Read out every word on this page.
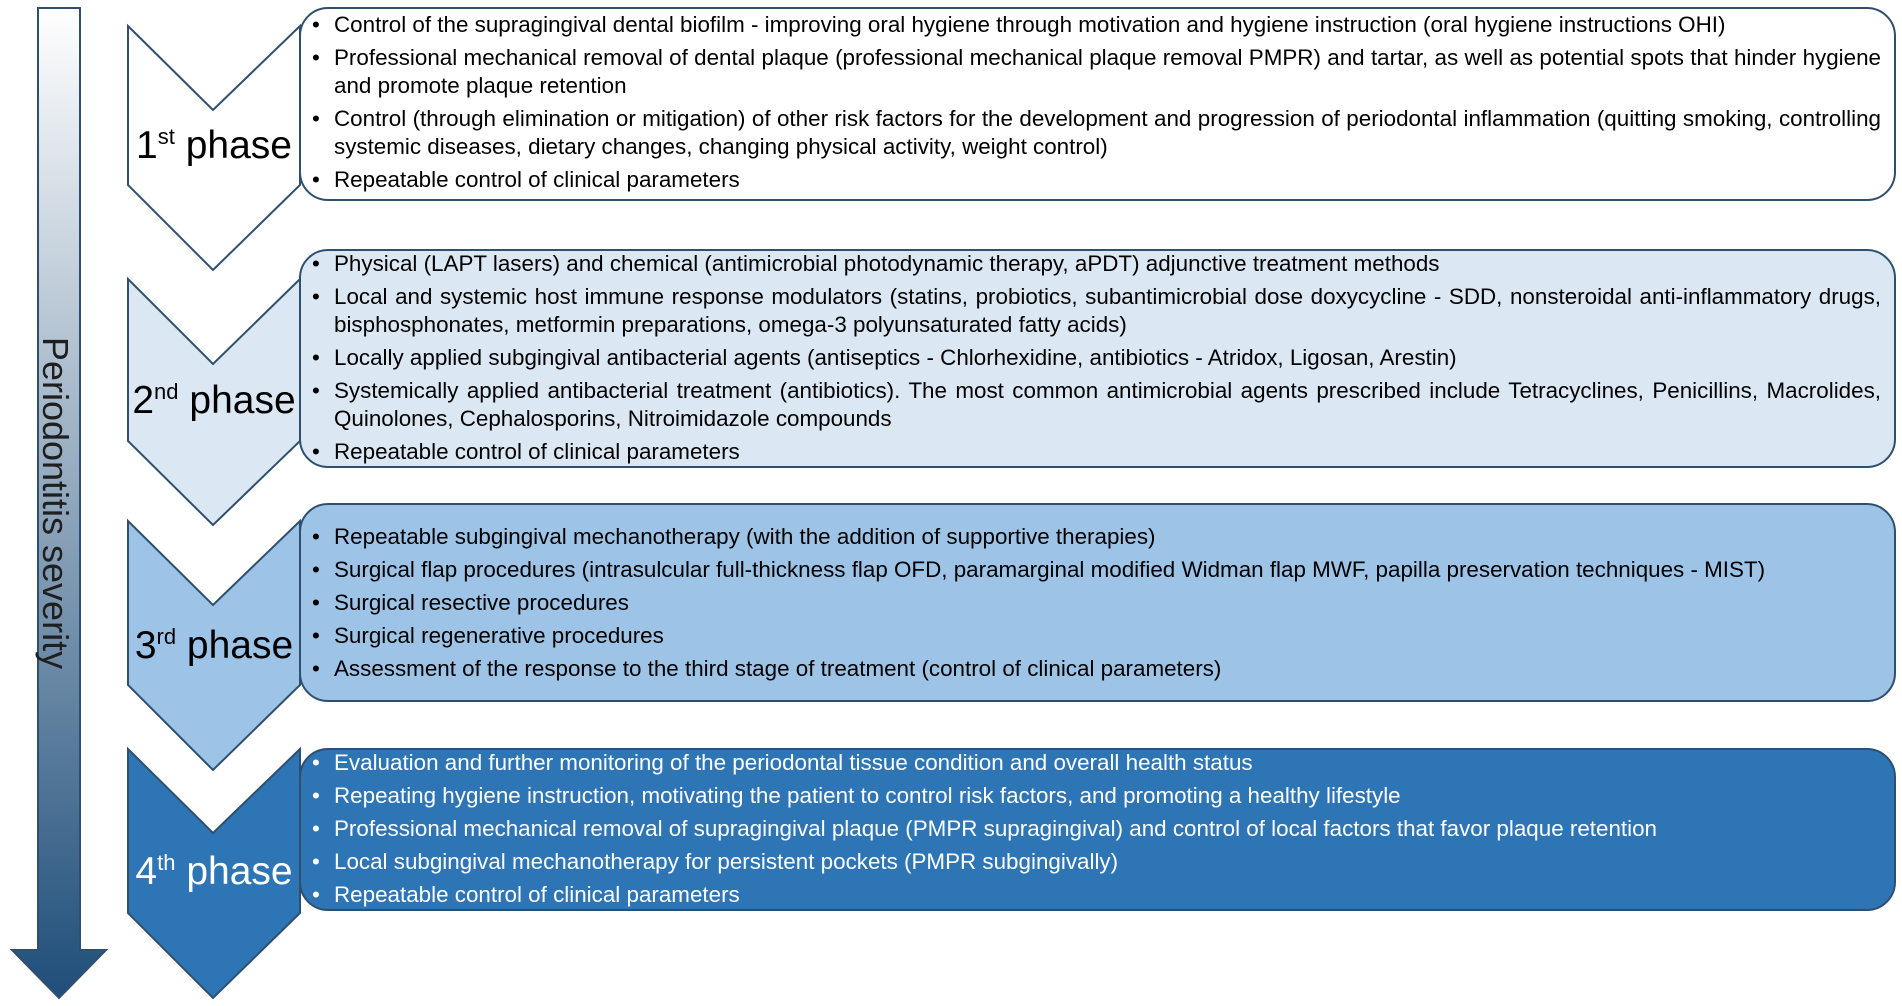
Periodontitis severity
1st phase
• Control of the supragingival dental biofilm - improving oral hygiene through motivation and hygiene instruction (oral hygiene instructions OHI)
• Professional mechanical removal of dental plaque (professional mechanical plaque removal PMPR) and tartar, as well as potential spots that hinder hygiene and promote plaque retention
• Control (through elimination or mitigation) of other risk factors for the development and progression of periodontal inflammation (quitting smoking, controlling systemic diseases, dietary changes, changing physical activity, weight control)
• Repeatable control of clinical parameters
2nd phase
• Physical (LAPT lasers) and chemical (antimicrobial photodynamic therapy, aPDT) adjunctive treatment methods
• Local and systemic host immune response modulators (statins, probiotics, subantimicrobial dose doxycycline - SDD, nonsteroidal anti-inflammatory drugs, bisphosphonates, metformin preparations, omega-3 polyunsaturated fatty acids)
• Locally applied subgingival antibacterial agents (antiseptics - Chlorhexidine, antibiotics - Atridox, Ligosan, Arestin)
• Systemically applied antibacterial treatment (antibiotics). The most common antimicrobial agents prescribed include Tetracyclines, Penicillins, Macrolides, Quinolones, Cephalosporins, Nitroimidazole compounds
• Repeatable control of clinical parameters
3rd phase
• Repeatable subgingival mechanotherapy (with the addition of supportive therapies)
• Surgical flap procedures (intrasulcular full-thickness flap OFD, paramarginal modified Widman flap MWF, papilla preservation techniques - MIST)
• Surgical resective procedures
• Surgical regenerative procedures
• Assessment of the response to the third stage of treatment (control of clinical parameters)
4th phase
• Evaluation and further monitoring of the periodontal tissue condition and overall health status
• Repeating hygiene instruction, motivating the patient to control risk factors, and promoting a healthy lifestyle
• Professional mechanical removal of supragingival plaque (PMPR supragingival) and control of local factors that favor plaque retention
• Local subgingival mechanotherapy for persistent pockets (PMPR subgingivally)
• Repeatable control of clinical parameters
